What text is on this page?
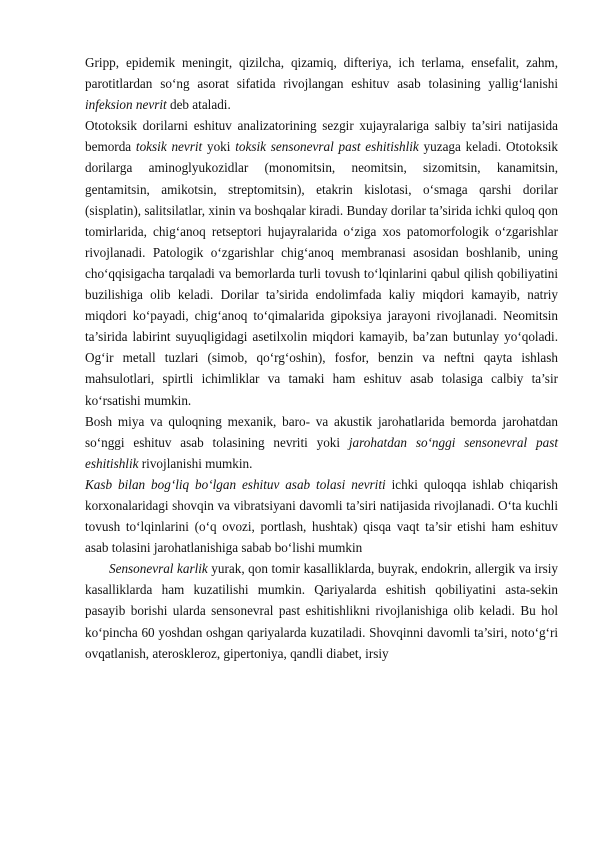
Gripp, epidemik meningit, qizilcha, qizamiq, difteriya, ich terlama, ensefalit, zahm, parotitlardan so‘ng asorat sifatida rivojlangan eshituv asab tolasining yallig‘lanishi infeksion nevrit deb ataladi.

Ototoksik dorilarni eshituv analizatorining sezgir xujayralariga salbiy ta’siri natijasida bemorda toksik nevrit yoki toksik sensonevral past eshitishlik yuzaga keladi. Ototoksik dorilarga aminoglyukozidlar (monomitsin, neomitsin, sizomitsin, kanamitsin, gentamitsin, amikotsin, streptomitsin), etakrin kislotasi, o‘smaga qarshi dorilar (sisplatin), salitsilatlar, xinin va boshqalar kiradi. Bunday dorilar ta’sirida ichki quloq qon tomirlarida, chig‘anoq retseptori hujayralarida o‘ziga xos patomorfologik o‘zgarishlar rivojlanadi. Patologik o‘zgarishlar chig‘anoq membranasi asosidan boshlanib, uning cho‘qqisigacha tarqaladi va bemorlarda turli tovush to‘lqinlarini qabul qilish qobiliyatini buzilishiga olib keladi. Dorilar ta’sirida endolimfada kaliy miqdori kamayib, natriy miqdori ko‘payadi, chig‘anoq to‘qimalarida gipoksiya jarayoni rivojlanadi. Neomitsin ta’sirida labirint suyuqligidagi asetilxolin miqdori kamayib, ba’zan butunlay yo‘qoladi. Og‘ir metall tuzlari (simob, qo‘rg‘oshin), fosfor, benzin va neftni qayta ishlash mahsulotlari, spirtli ichimliklar va tamaki ham eshituv asab tolasiga calbiy ta’sir ko‘rsatishi mumkin.

Bosh miya va quloqning mexanik, baro- va akustik jarohatlarida bemorda jarohatdan so‘nggi eshituv asab tolasining nevriti yoki jarohatdan so‘nggi sensonevral past eshitishlik rivojlanishi mumkin.

Kasb bilan bog‘liq bo‘lgan eshituv asab tolasi nevriti ichki quloqqa ishlab chiqarish korxonalaridagi shovqin va vibratsiyani davomli ta’siri natijasida rivojlanadi. O‘ta kuchli tovush to‘lqinlarini (o‘q ovozi, portlash, hushtak) qisqa vaqt ta’sir etishi ham eshituv asab tolasini jarohatlanishiga sabab bo‘lishi mumkin

Sensonevral karlik yurak, qon tomir kasalliklarda, buyrak, endokrin, allergik va irsiy kasalliklarda ham kuzatilishi mumkin. Qariyalarda eshitish qobiliyatini asta-sekin pasayib borishi ularda sensonevral past eshitishlikni rivojlanishiga olib keladi. Bu hol ko‘pincha 60 yoshdan oshgan qariyalarda kuzatiladi. Shovqinni davomli ta’siri, noto‘g‘ri ovqatlanish, ateroskleroz, gipertoniya, qandli diabet, irsiy
